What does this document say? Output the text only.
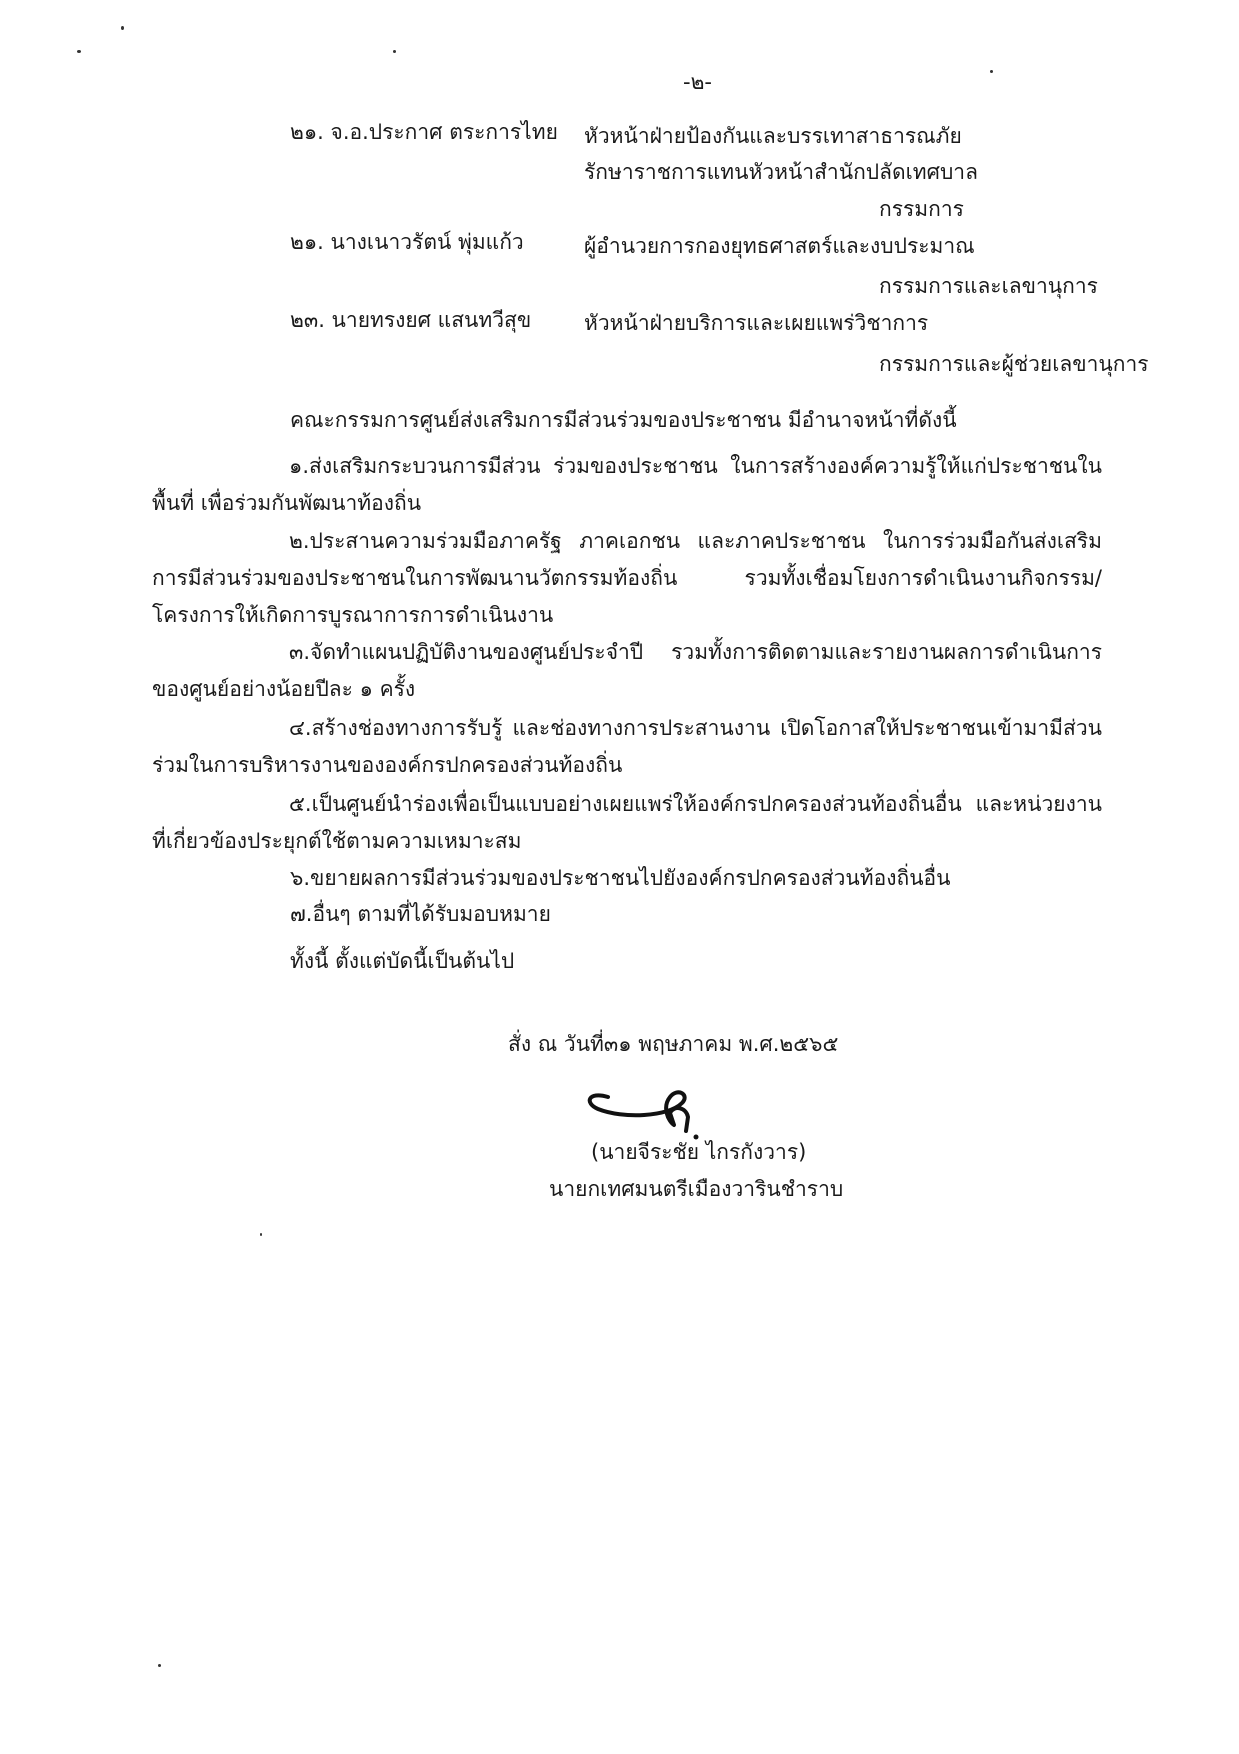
-๒-
๒๑. จ.อ.ประกาศ ตระการไทย หัวหน้าฝ่ายป้องกันและบรรเทาสาธารณภัย
รักษาราชการแทนหัวหน้าสำนักปลัดเทศบาล
กรรมการ
๒๑. นางเนาวรัตน์ พุ่มแก้ว	ผู้อำนวยการกองยุทธศาสตร์และงบประมาณ
กรรมการและเลขานุการ
๒๓. นายทรงยศ แสนทวีสุข	หัวหน้าฝ่ายบริการและเผยแพร่วิชาการ
กรรมการและผู้ช่วยเลขานุการ
คณะกรรมการศูนย์ส่งเสริมการมีส่วนร่วมของประชาชน มีอำนาจหน้าที่ดังนี้
๑.ส่งเสริมกระบวนการมีส่วน ร่วมของประชาชน ในการสร้างองค์ความรู้ให้แก่ประชาชนในพื้นที่ เพื่อร่วมกันพัฒนาท้องถิ่น
๒.ประสานความร่วมมือภาครัฐ ภาคเอกชน และภาคประชาชน ในการร่วมมือกันส่งเสริมการมีส่วนร่วมของประชาชนในการพัฒนานวัตกรรมท้องถิ่น รวมทั้งเชื่อมโยงการดำเนินงานกิจกรรม/โครงการให้เกิดการบูรณาการการดำเนินงาน
๓.จัดทำแผนปฏิบัติงานของศูนย์ประจำปี รวมทั้งการติดตามและรายงานผลการดำเนินการของศูนย์อย่างน้อยปีละ ๑ ครั้ง
๔.สร้างช่องทางการรับรู้ และช่องทางการประสานงาน เปิดโอกาสให้ประชาชนเข้ามามีส่วนร่วมในการบริหารงานขององค์กรปกครองส่วนท้องถิ่น
๕.เป็นศูนย์นำร่องเพื่อเป็นแบบอย่างเผยแพร่ให้องค์กรปกครองส่วนท้องถิ่นอื่น และหน่วยงานที่เกี่ยวข้องประยุกต์ใช้ตามความเหมาะสม
๖.ขยายผลการมีส่วนร่วมของประชาชนไปยังองค์กรปกครองส่วนท้องถิ่นอื่น
๗.อื่นๆ ตามที่ได้รับมอบหมาย
ทั้งนี้ ตั้งแต่บัดนี้เป็นต้นไป
สั่ง ณ วันที่๓๑ พฤษภาคม พ.ศ.๒๕๖๕
(นายจีระชัย ไกรกังวาร)
นายกเทศมนตรีเมืองวารินชำราบ
